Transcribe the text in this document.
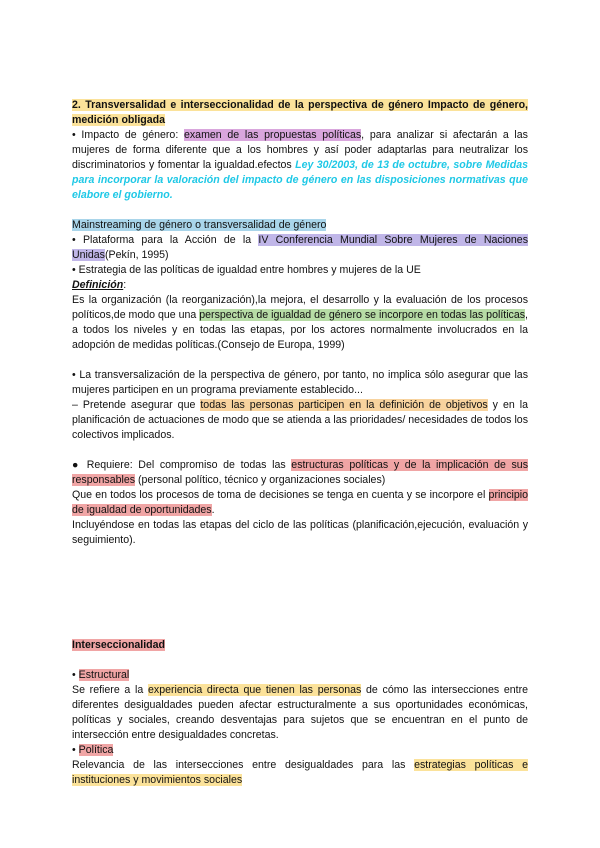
2. Transversalidad e interseccionalidad de la perspectiva de género Impacto de género, medición obligada

• Impacto de género: examen de las propuestas políticas, para analizar si afectarán a las mujeres de forma diferente que a los hombres y así poder adaptarlas para neutralizar los discriminatorios y fomentar la igualdad.efectos Ley 30/2003, de 13 de octubre, sobre Medidas para incorporar la valoración del impacto de género en las disposiciones normativas que elabore el gobierno.

Mainstreaming de género o transversalidad de género

• Plataforma para la Acción de la IV Conferencia Mundial Sobre Mujeres de Naciones Unidas(Pekín, 1995)

• Estrategia de las políticas de igualdad entre hombres y mujeres de la UE

Definición:

Es la organización (la reorganización),la mejora, el desarrollo y la evaluación de los procesos políticos,de modo que una perspectiva de igualdad de género se incorpore en todas las políticas, a todos los niveles y en todas las etapas, por los actores normalmente involucrados en la adopción de medidas políticas.(Consejo de Europa, 1999)

• La transversalización de la perspectiva de género, por tanto, no implica sólo asegurar que las mujeres participen en un programa previamente establecido...

– Pretende asegurar que todas las personas participen en la definición de objetivos y en la planificación de actuaciones de modo que se atienda a las prioridades/ necesidades de todos los colectivos implicados.

● Requiere: Del compromiso de todas las estructuras políticas y de la implicación de sus responsables (personal político, técnico y organizaciones sociales)

Que en todos los procesos de toma de decisiones se tenga en cuenta y se incorpore el principio de igualdad de oportunidades.

Incluyéndose en todas las etapas del ciclo de las políticas (planificación,ejecución, evaluación y seguimiento).

Interseccionalidad

• Estructural

Se refiere a la experiencia directa que tienen las personas de cómo las intersecciones entre diferentes desigualdades pueden afectar estructuralmente a sus oportunidades económicas, políticas y sociales, creando desventajas para sujetos que se encuentran en el punto de intersección entre desigualdades concretas.

• Política

Relevancia de las intersecciones entre desigualdades para las estrategias políticas e instituciones y movimientos sociales
